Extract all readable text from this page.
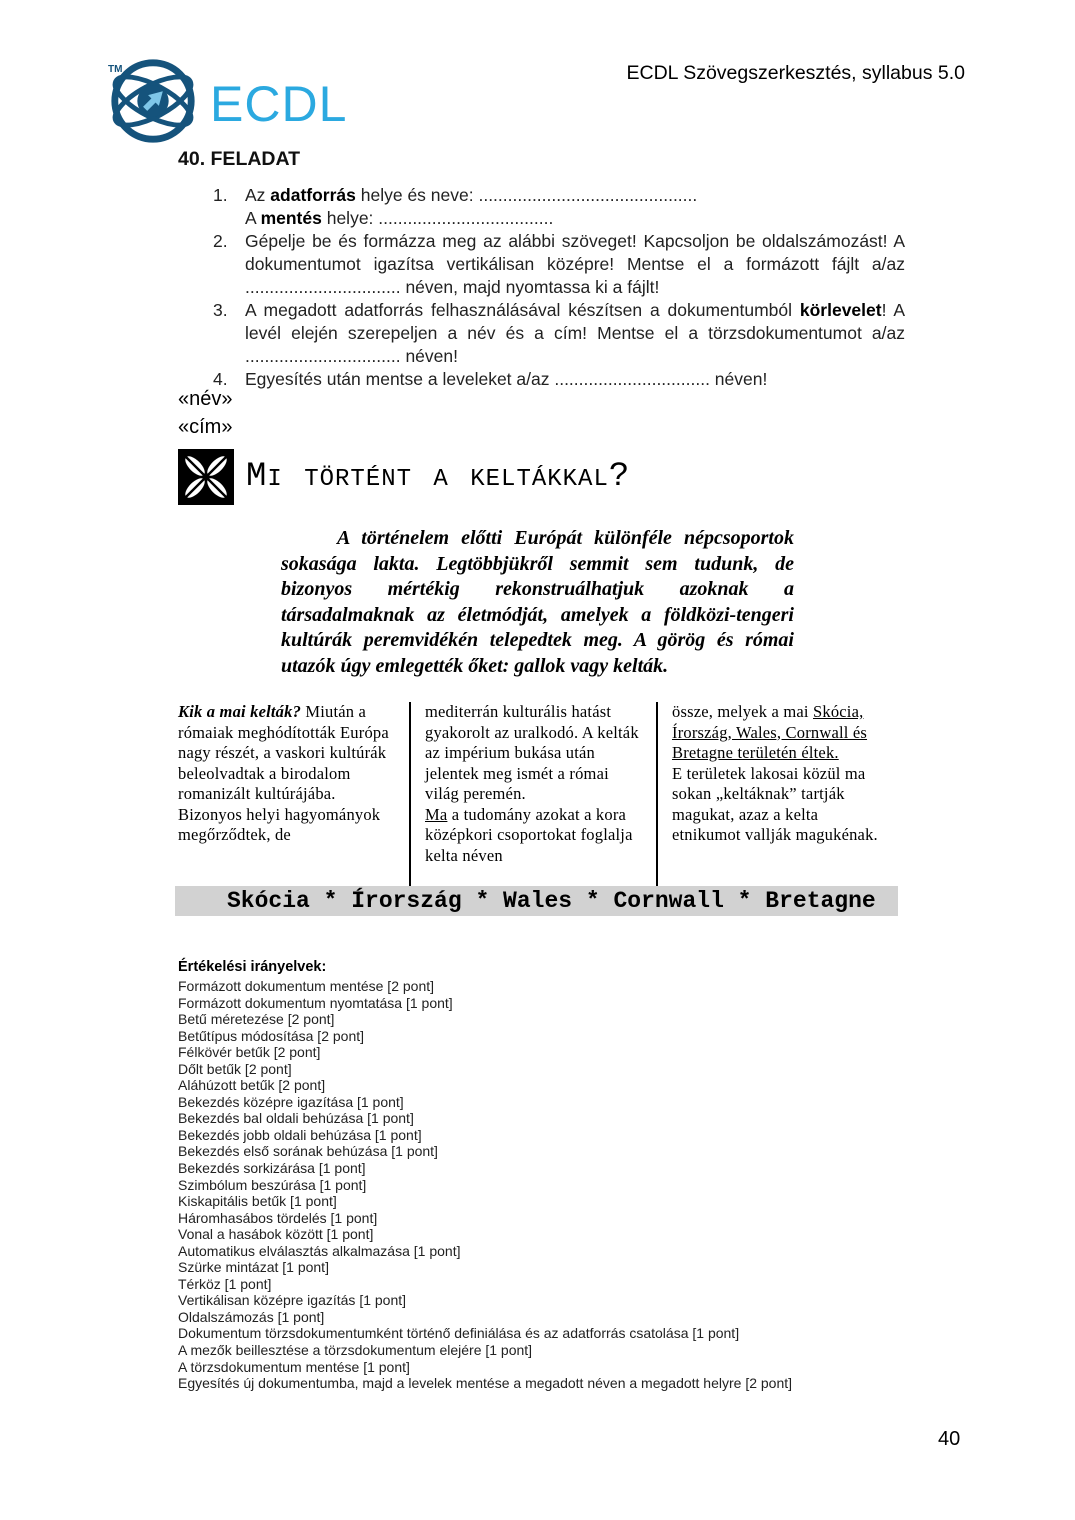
TM
ECDL
ECDL Szövegszerkesztés, syllabus 5.0
40. FELADAT
1. Az adatforrás helye és neve: .............................................
A mentés helye: ....................................
2. Gépelje be és formázza meg az alábbi szöveget! Kapcsoljon be oldalszámozást! A dokumentumot igazítsa vertikálisan középre! Mentse el a formázott fájlt a/az ................................ néven, majd nyomtassa ki a fájlt!
3. A megadott adatforrás felhasználásával készítsen a dokumentumból körlevelet! A levél elején szerepeljen a név és a cím! Mentse el a törzsdokumentumot a/az ................................ néven!
4. Egyesítés után mentse a leveleket a/az ................................ néven!
«név»
«cím»
Mi történt a keltákkal?
A történelem előtti Európát különféle népcsoportok sokasága lakta. Legtöbbjükről semmit sem tudunk, de bizonyos mértékig rekonstruálhatjuk azoknak a társadalmaknak az életmódját, amelyek a földközi-tengeri kultúrák peremvidékén telepedtek meg. A görög és római utazók úgy emlegették őket: gallok vagy kelták.
Kik a mai kelták? Miután a rómaiak meghódították Európa nagy részét, a vaskori kultúrák beleolvadtak a birodalom romanizált kultúrájába. Bizonyos helyi hagyományok megőrződtek, de
mediterrán kulturális hatást gyakorolt az uralkodó. A kelták az impérium bukása után jelentek meg ismét a római világ peremén.
Ma a tudomány azokat a kora középkori csoportokat foglalja kelta néven
össze, melyek a mai Skócia, Írország, Wales, Cornwall és Bretagne területén éltek.
E területek lakosai közül ma sokan „keltáknak” tartják magukat, azaz a kelta etnikumot vallják magukénak.
Skócia * Írország * Wales * Cornwall * Bretagne
Értékelési irányelvek:
Formázott dokumentum mentése [2 pont]
Formázott dokumentum nyomtatása [1 pont]
Betű méretezése [2 pont]
Betűtípus módosítása [2 pont]
Félkövér betűk [2 pont]
Dőlt betűk [2 pont]
Aláhúzott betűk [2 pont]
Bekezdés középre igazítása [1 pont]
Bekezdés bal oldali behúzása [1 pont]
Bekezdés jobb oldali behúzása [1 pont]
Bekezdés első sorának behúzása [1 pont]
Bekezdés sorkizárása [1 pont]
Szimbólum beszúrása [1 pont]
Kiskapitális betűk [1 pont]
Háromhasábos tördelés [1 pont]
Vonal a hasábok között [1 pont]
Automatikus elválasztás alkalmazása [1 pont]
Szürke mintázat [1 pont]
Térköz [1 pont]
Vertikálisan középre igazítás [1 pont]
Oldalszámozás [1 pont]
Dokumentum törzsdokumentumként történő definiálása és az adatforrás csatolása [1 pont]
A mezők beillesztése a törzsdokumentum elejére [1 pont]
A törzsdokumentum mentése [1 pont]
Egyesítés új dokumentumba, majd a levelek mentése a megadott néven a megadott helyre [2 pont]
40
